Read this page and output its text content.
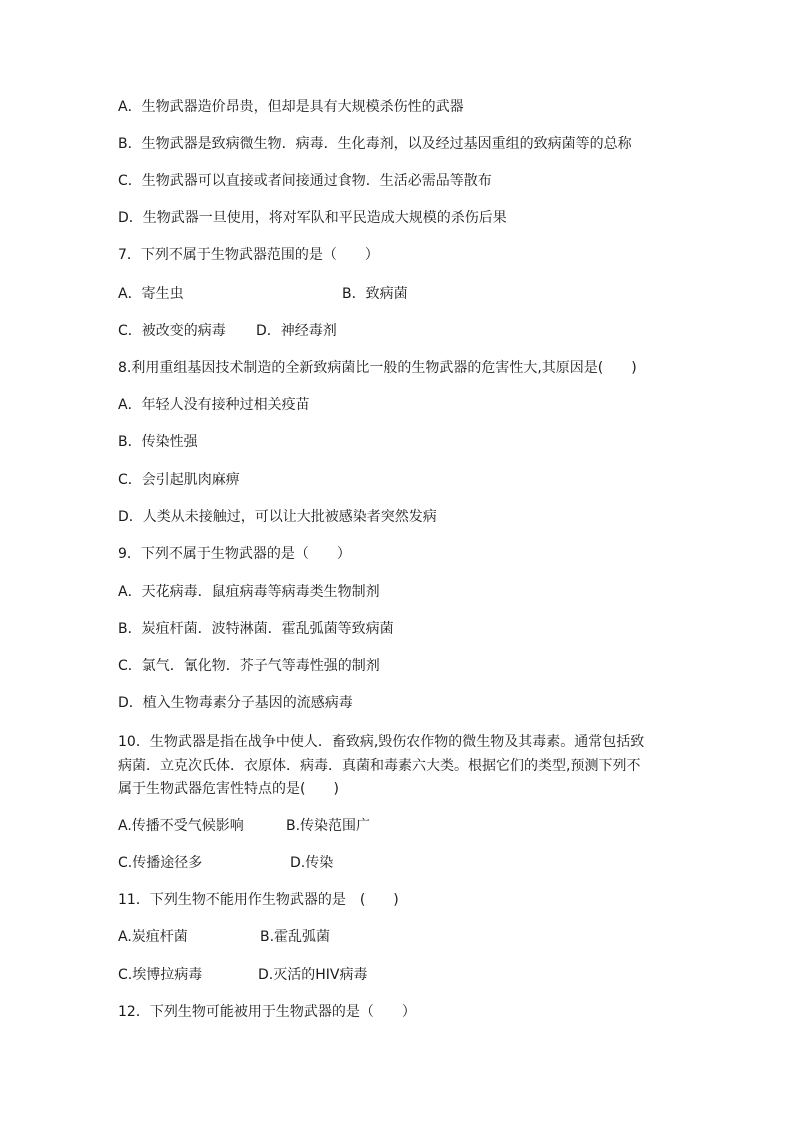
A．生物武器造价昂贵，但却是具有大规模杀伤性的武器
B．生物武器是致病微生物．病毒．生化毒剂，以及经过基因重组的致病菌等的总称
C．生物武器可以直接或者间接通过食物．生活必需品等散布
D．生物武器一旦使用，将对军队和平民造成大规模的杀伤后果
7．下列不属于生物武器范围的是（　　）
A．寄生虫	B．致病菌
C．被改变的病毒 D．神经毒剂
8.利用重组基因技术制造的全新致病菌比一般的生物武器的危害性大,其原因是(　　)
A．年轻人没有接种过相关疫苗
B．传染性强
C．会引起肌肉麻痹
D．人类从未接触过，可以让大批被感染者突然发病
9．下列不属于生物武器的是（　　）
A．天花病毒．鼠疽病毒等病毒类生物制剂
B．炭疽杆菌．波特淋菌．霍乱弧菌等致病菌
C．氯气．氰化物．芥子气等毒性强的制剂
D．植入生物毒素分子基因的流感病毒
10．生物武器是指在战争中使人．畜致病,毁伤农作物的微生物及其毒素。通常包括致
病菌．立克次氏体．衣原体．病毒．真菌和毒素六大类。根据它们的类型,预测下列不
属于生物武器危害性特点的是(　　)
A.传播不受气候影响	B.传染范围广
C.传播途径多	D.传染
11．下列生物不能用作生物武器的是　(　　)
A.炭疽杆菌	B.霍乱弧菌
C.埃博拉病毒	D.灭活的HIV病毒
12．下列生物可能被用于生物武器的是（　　）
